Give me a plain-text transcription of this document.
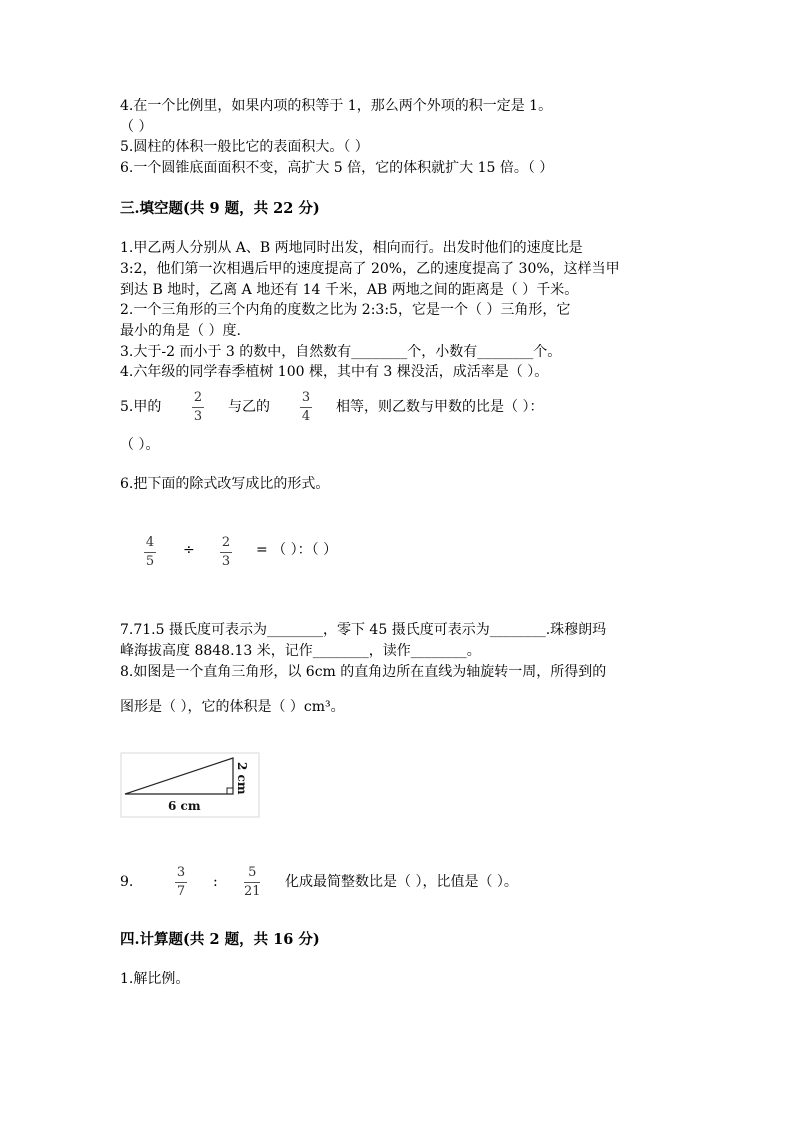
4.在一个比例里，如果内项的积等于 1，那么两个外项的积一定是 1。
（ ）
5.圆柱的体积一般比它的表面积大。（ ）
6.一个圆锥底面面积不变，高扩大 5 倍，它的体积就扩大 15 倍。（ ）
三.填空题(共 9 题，共 22 分)
1.甲乙两人分别从 A、B 两地同时出发，相向而行。出发时他们的速度比是
3:2，他们第一次相遇后甲的速度提高了 20%，乙的速度提高了 30%，这样当甲
到达 B 地时，乙离 A 地还有 14 千米，AB 两地之间的距离是（ ）千米。
2.一个三角形的三个内角的度数之比为 2:3:5，它是一个（ ）三角形，它
最小的角是（ ）度.
3.大于-2 而小于 3 的数中，自然数有________个，小数有________个。
4.六年级的同学春季植树 100 棵，其中有 3 棵没活，成活率是（ ）。
5.甲的
2
3
与乙的
3
4
相等，则乙数与甲数的比是（ ）：
（ ）。
6.把下面的除式改写成比的形式。
4
5
÷ 2
3
= （ ）：（ ）
7.71.5 摄氏度可表示为________，零下 45 摄氏度可表示为________.珠穆朗玛
峰海拔高度 8848.13 米，记作________，读作________。
8.如图是一个直角三角形，以 6cm 的直角边所在直线为轴旋转一周，所得到的
图形是（ ），它的体积是（ ）cm³。
6 cm
2 cm
9.
3
7
:
5
21
化成最简整数比是（ ），比值是（ ）。
四.计算题(共 2 题，共 16 分)
1.解比例。
